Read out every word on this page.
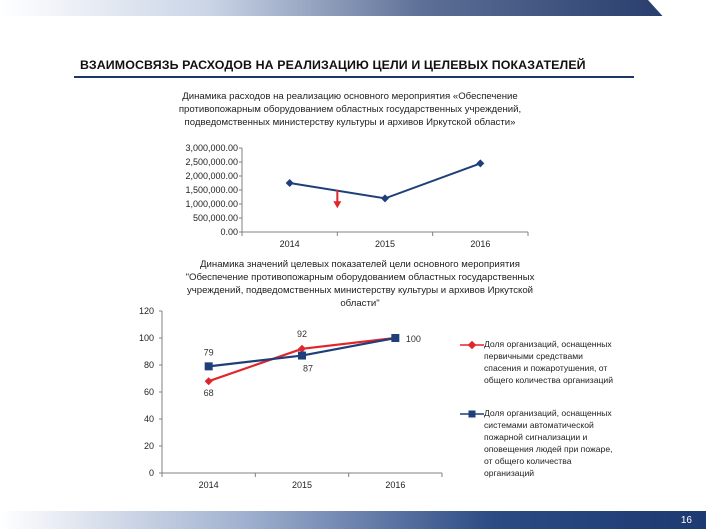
ВЗАИМОСВЯЗЬ РАСХОДОВ НА РЕАЛИЗАЦИЮ ЦЕЛИ И ЦЕЛЕВЫХ ПОКАЗАТЕЛЕЙ
Динамика расходов на реализацию основного мероприятия «Обеспечение
противопожарным оборудованием областных государственных учреждений,
подведомственных министерству культуры и архивов Иркутской области»
0.00
500,000.00
1,000,000.00
1,500,000.00
2,000,000.00
2,500,000.00
3,000,000.00
2014	2015	2016
Динамика значений целевых показателей цели основного мероприятия
"Обеспечение противопожарным оборудованием областных государственных
учреждений, подведомственных министерству культуры и архивов Иркутской
области"
0
20
40
60
80
100
120
2014	2015	2016
68
92
100
79
87
Доля организаций, оснащенных
первичными средствами
спасения и пожаротушения, от
общего количества организаций
Доля организаций, оснащенных
системами автоматической
пожарной сигнализации и
оповещения людей при пожаре,
от общего количества
организаций
16
